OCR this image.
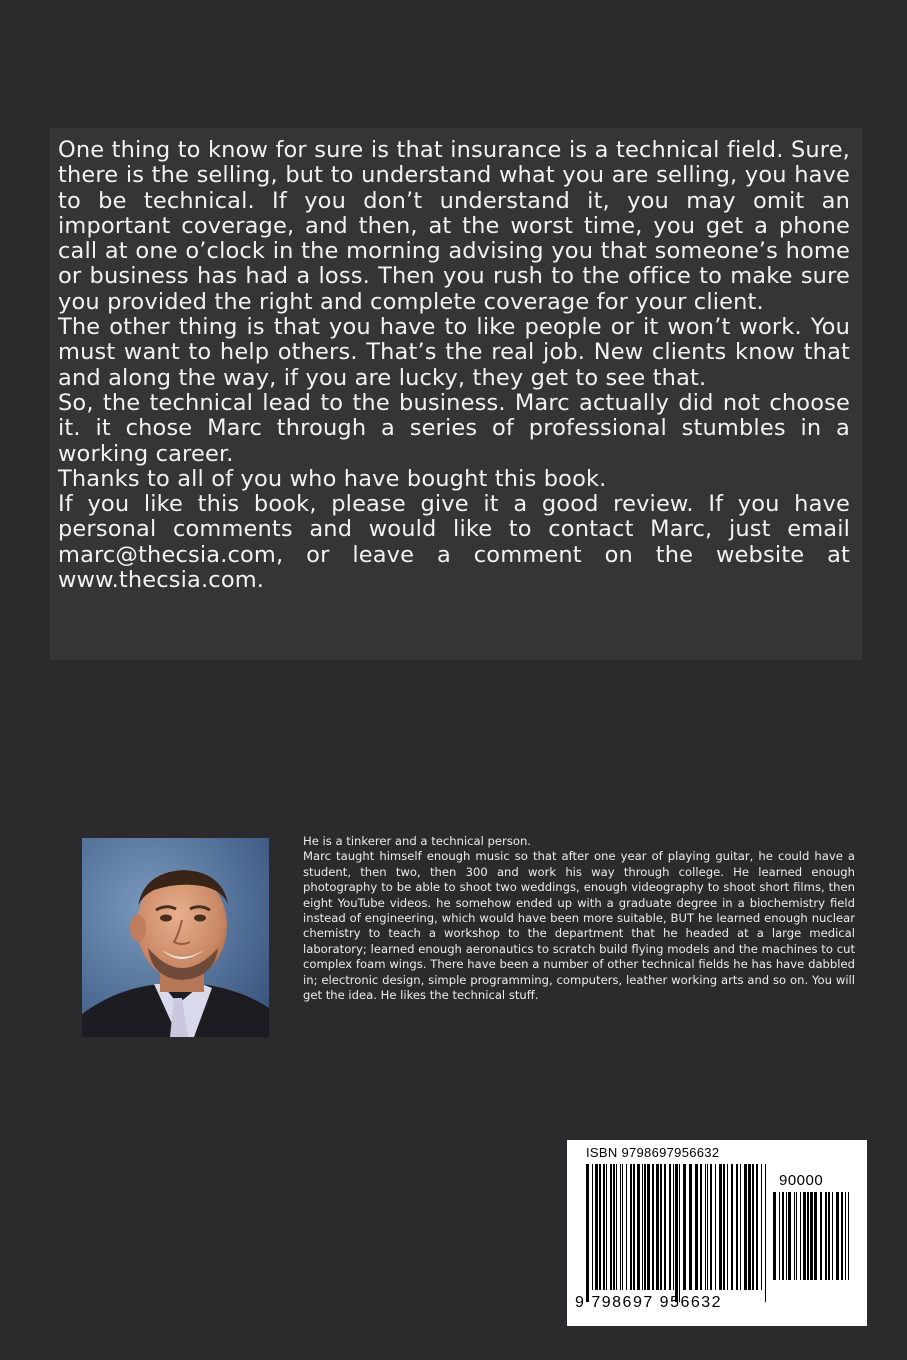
One thing to know for sure is that insurance is a technical field. Sure, there is the selling, but to understand what you are selling, you have to be technical. If you don’t understand it, you may omit an important coverage, and then, at the worst time, you get a phone call at one o’clock in the morning advising you that someone’s home or business has had a loss. Then you rush to the office to make sure you provided the right and complete coverage for your client.

The other thing is that you have to like people or it won’t work. You must want to help others. That’s the real job. New clients know that and along the way, if you are lucky, they get to see that.

So, the technical lead to the business. Marc actually did not choose it. it chose Marc through a series of professional stumbles in a working career.

Thanks to all of you who have bought this book.

If you like this book, please give it a good review. If you have personal comments and would like to contact Marc, just email marc@thecsia.com, or leave a comment on the website at www.thecsia.com.

He is a tinkerer and a technical person.

Marc taught himself enough music so that after one year of playing guitar, he could have a student, then two, then 300 and work his way through college. He learned enough photography to be able to shoot two weddings, enough videography to shoot short films, then eight YouTube videos. he somehow ended up with a graduate degree in a biochemistry field instead of engineering, which would have been more suitable, BUT he learned enough nuclear chemistry to teach a workshop to the department that he headed at a large medical laboratory; learned enough aeronautics to scratch build flying models and the machines to cut complex foam wings. There have been a number of other technical fields he has have dabbled in; electronic design, simple programming, computers, leather working arts and so on. You will get the idea. He likes the technical stuff.

ISBN 9798697956632
90000
9 798697 956632
